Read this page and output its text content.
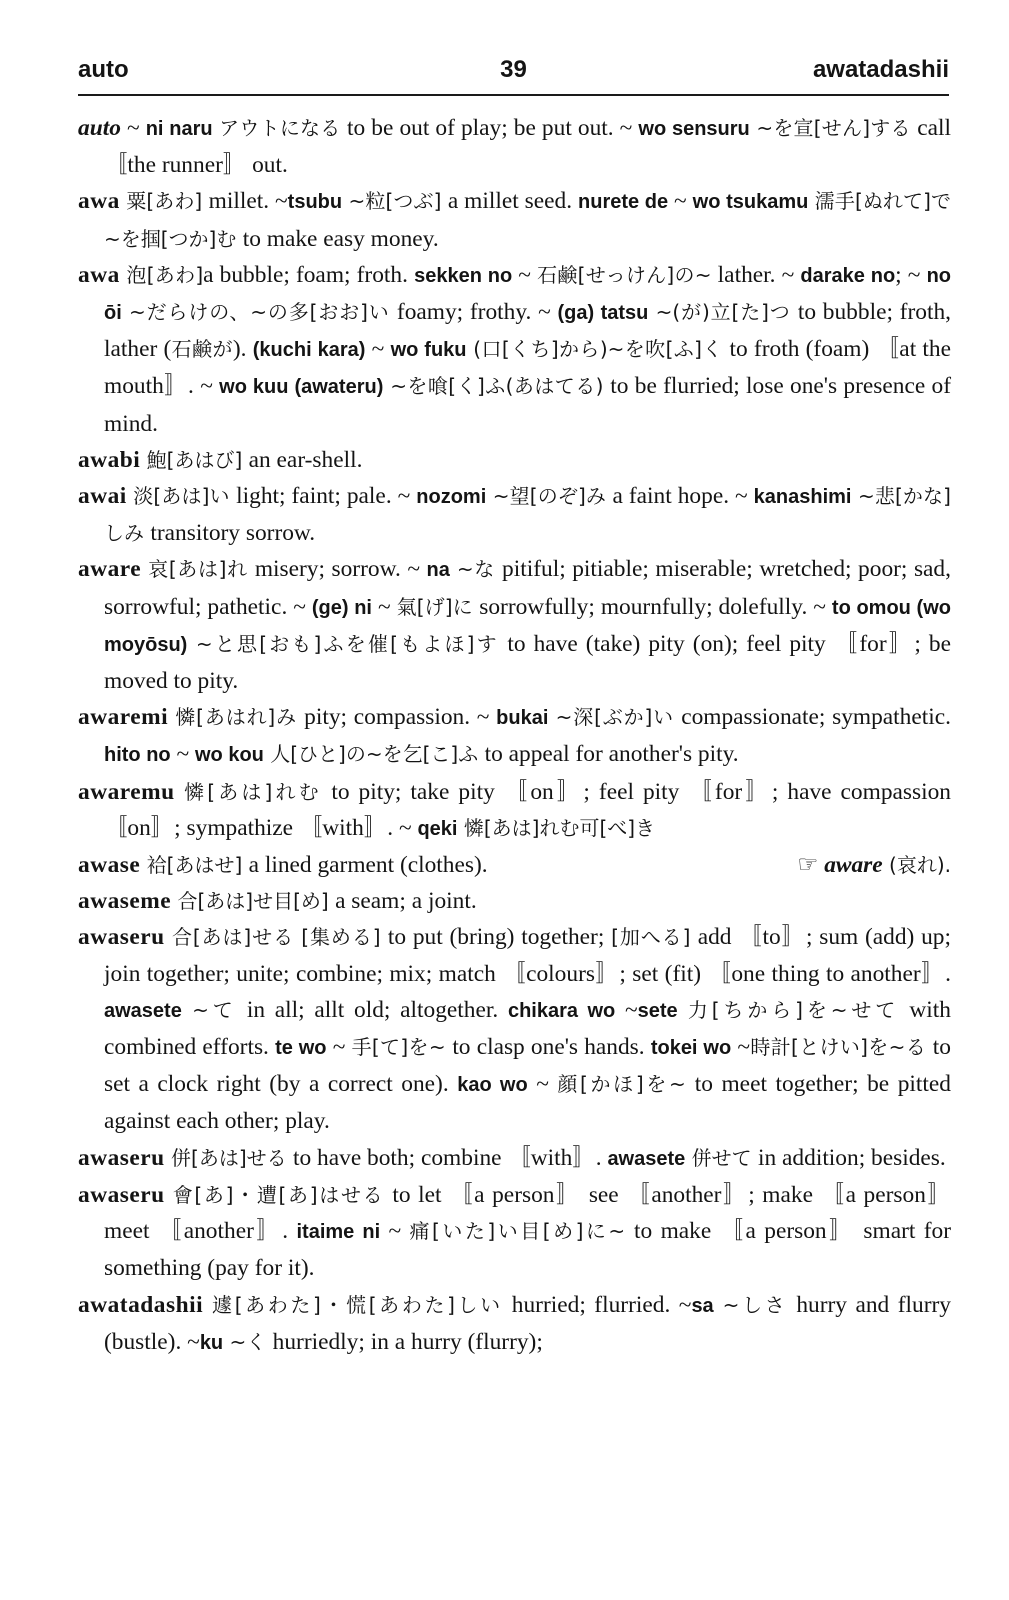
auto	39	awatadashii
auto ~ ni naru アウトになる to be out of play; be put out. ~ wo sensuru ~を宣[せん]する call 〚the runner〛 out.
awa 粟[あわ] millet. ~tsubu ~粒[つぶ] a millet seed. nurete de ~ wo tsukamu 濡手[ぬれて]で~を掴[つか]む to make easy money.
awa 泡[あわ]a bubble; foam; froth. sekken no ~ 石鹸[せっけん]の~ lather. ~ darake no; ~ no ōi ~だらけの、~の多[おお]い foamy; frothy. ~ (ga) tatsu ~(が)立[た]つ to bubble; froth, lather (石鹸が). (kuchi kara) ~ wo fuku (口[くち]から)~を吹[ふ]く to froth (foam) 〚at the mouth〛. ~ wo kuu (awateru) ~を喰[く]ふ(あはてる) to be flurried; lose one's presence of mind.
awabi 鮑[あはび] an ear-shell.
awai 淡[あは]い light; faint; pale. ~ nozomi ~望[のぞ]み a faint hope. ~ kanashimi ~悲[かな]しみ transitory sorrow.
aware 哀[あは]れ misery; sorrow. ~ na ~な pitiful; pitiable; miserable; wretched; poor; sad, sorrowful; pathetic. ~ (ge) ni ~ 氣[げ]に sorrowfully; mournfully; dolefully. ~ to omou (wo moyōsu) ~と思[おも]ふを催[もよほ]す to have (take) pity (on); feel pity 〚for〛; be moved to pity.
awaremi 憐[あはれ]み pity; compassion. ~ bukai ~深[ぶか]い compassionate; sympathetic. hito no ~ wo kou 人[ひと]の~を乞[こ]ふ to appeal for another's pity.
awaremu 憐[あは]れむ to pity; take pity 〚on〛; feel pity 〚for〛; have compassion 〚on〛; sympathize 〚with〛. ~ qeki 憐[あは]れむ可[べ]き
☞ aware (哀れ).
awase 袷[あはせ] a lined garment (clothes).
awaseme 合[あは]せ目[め] a seam; a joint.
awaseru 合[あは]せる [集める] to put (bring) together; [加へる] add 〚to〛; sum (add) up; join together; unite; combine; mix; match 〚colours〛; set (fit) 〚one thing to another〛. awasete ~て in all; allt old; altogether. chikara wo ~sete 力[ちから]を~せて with combined efforts. te wo ~ 手[て]を~ to clasp one's hands. tokei wo ~時計[とけい]を~る to set a clock right (by a correct one). kao wo ~ 顔[かほ]を~ to meet together; be pitted against each other; play.
awaseru 併[あは]せる to have both; combine 〚with〛. awasete 併せて in addition; besides.
awaseru 會[あ]・遭[あ]はせる to let 〚a person〛 see 〚another〛; make 〚a person〛 meet 〚another〛. itaime ni ~ 痛[いた]い目[め]に~ to make 〚a person〛 smart for something (pay for it).
awatadashii 遽[あわた]・慌[あわた]しい hurried; flurried. ~sa ~しさ hurry and flurry (bustle). ~ku ~く hurriedly; in a hurry (flurry);
